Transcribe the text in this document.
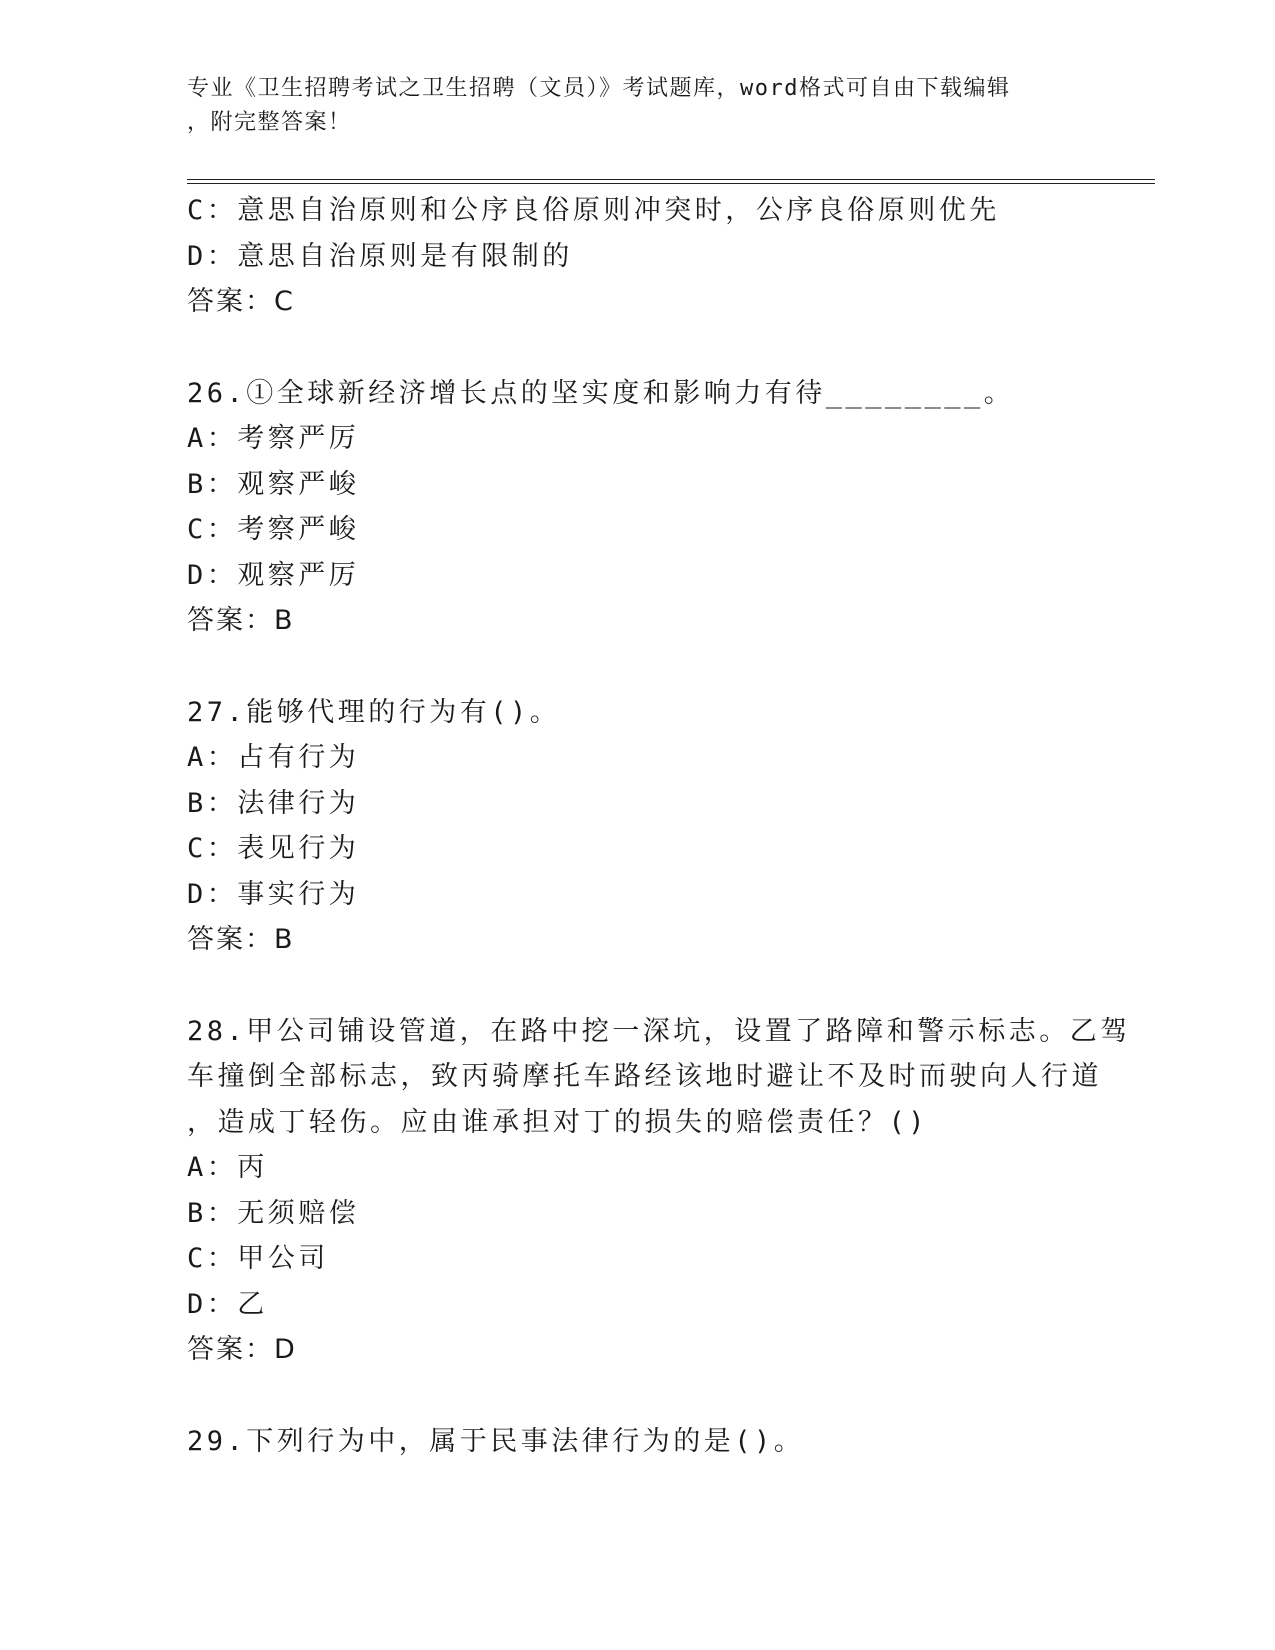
专业《卫生招聘考试之卫生招聘（文员）》考试题库，word格式可自由下载编辑
，附完整答案！
C：意思自治原则和公序良俗原则冲突时，公序良俗原则优先
D：意思自治原则是有限制的
答案：C
26.①全球新经济增长点的坚实度和影响力有待________。
A：考察严厉
B：观察严峻
C：考察严峻
D：观察严厉
答案：B
27.能够代理的行为有()。
A：占有行为
B：法律行为
C：表见行为
D：事实行为
答案：B
28.甲公司铺设管道，在路中挖一深坑，设置了路障和警示标志。乙驾
车撞倒全部标志，致丙骑摩托车路经该地时避让不及时而驶向人行道
，造成丁轻伤。应由谁承担对丁的损失的赔偿责任？()
A：丙
B：无须赔偿
C：甲公司
D：乙
答案：D
29.下列行为中，属于民事法律行为的是()。
